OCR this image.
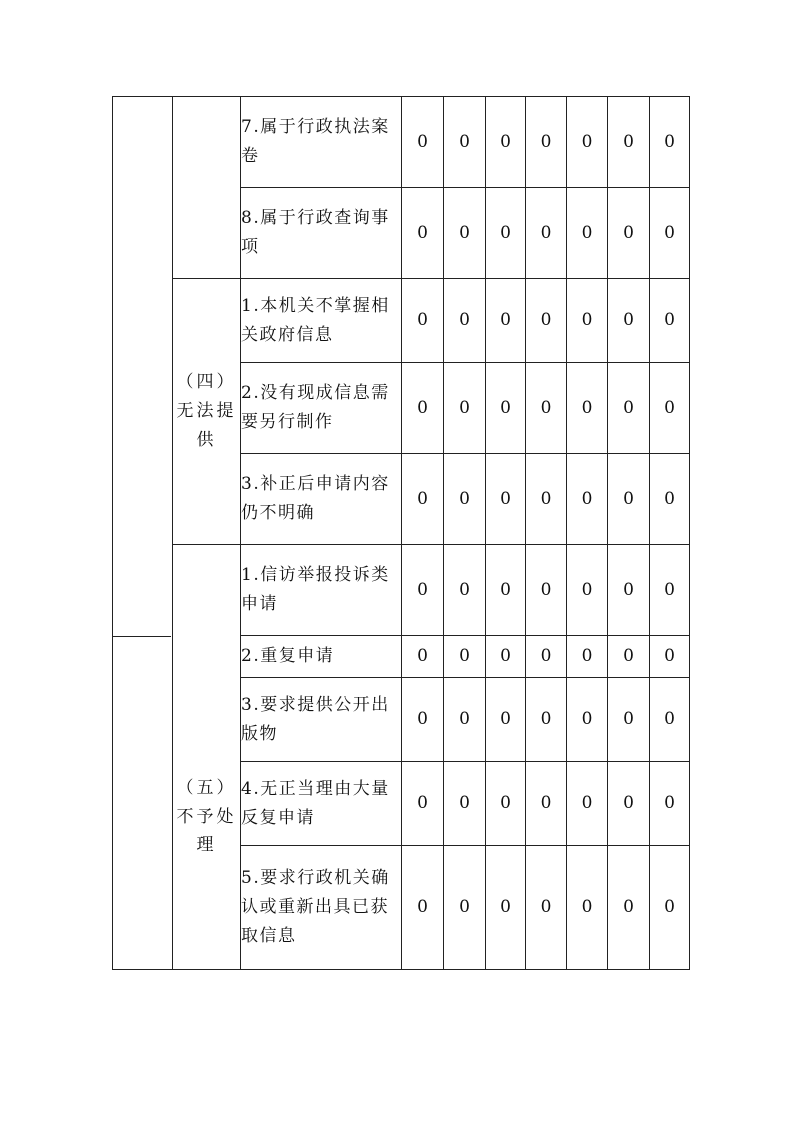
		7.属于行政执法案卷	0	0	0	0	0	0	0
		8.属于行政查询事项	0	0	0	0	0	0	0

	（四）无法提供	1.本机关不掌握相关政府信息	0	0	0	0	0	0	0
		2.没有现成信息需要另行制作	0	0	0	0	0	0	0
		3.补正后申请内容仍不明确	0	0	0	0	0	0	0

	（五）不予处理	1.信访举报投诉类申请	0	0	0	0	0	0	0
		2.重复申请	0	0	0	0	0	0	0
		3.要求提供公开出版物	0	0	0	0	0	0	0
		4.无正当理由大量反复申请	0	0	0	0	0	0	0
		5.要求行政机关确认或重新出具已获取信息	0	0	0	0	0	0	0
